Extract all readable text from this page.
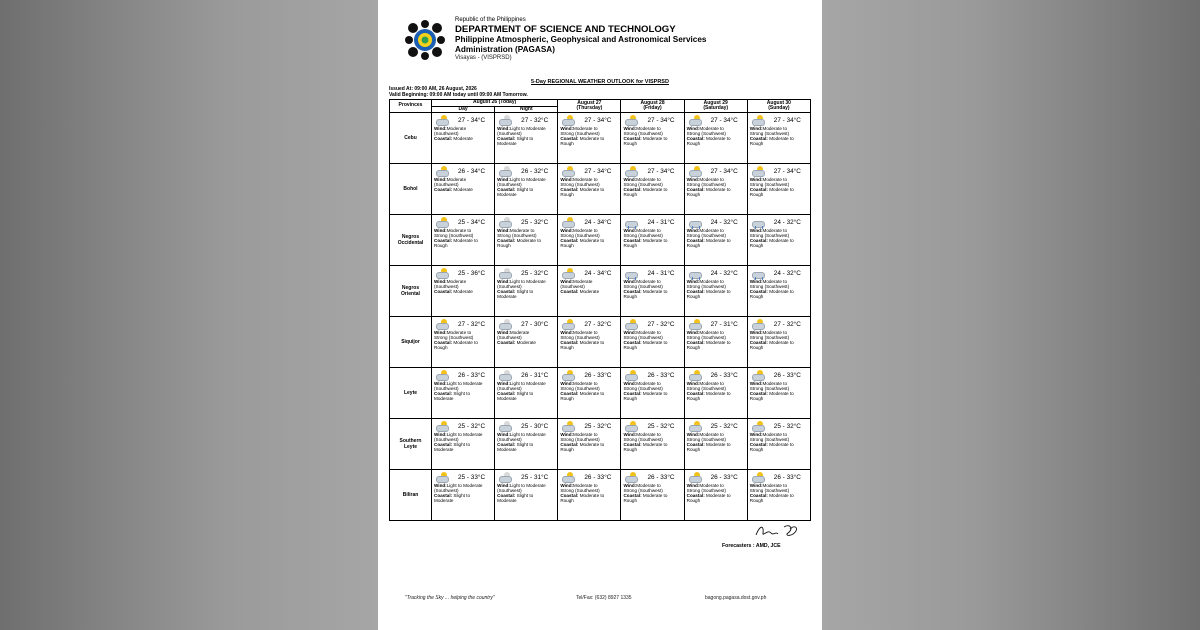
Republic of the Philippines
DEPARTMENT OF SCIENCE AND TECHNOLOGY
Philippine Atmospheric, Geophysical and Astronomical Services
Administration (PAGASA)
Visayas - (VISPRSD)
5-Day REGIONAL WEATHER OUTLOOK for VISPRSD
Issued At: 09:00 AM, 26 August, 2026
Valid Beginning: 09:00 AM today until 09:00 AM Tomorrow.
Provinces	August 26 (Today)		August 27
(Thursday)	August 28
(Friday)	August 29
(Saturday)	August 30
(Sunday)
	Day	Night				

Cebu	27 - 34°C
Wind:Moderate
(Southwest)
Coastal: Moderate	27 - 32°C
Wind:Light to Moderate
(Southwest)
Coastal: Slight to
Moderate	27 - 34°C
Wind:Moderate to
Strong (Southwest)
Coastal: Moderate to
Rough	27 - 34°C
Wind:Moderate to
Strong (Southwest)
Coastal: Moderate to
Rough	27 - 34°C
Wind:Moderate to
Strong (Southwest)
Coastal: Moderate to
Rough	27 - 34°C
Wind:Moderate to
Strong (Southwest)
Coastal: Moderate to
Rough

Bohol	26 - 34°C
Wind:Moderate
(Southwest)
Coastal: Moderate	26 - 32°C
Wind:Light to Moderate
(Southwest)
Coastal: Slight to
Moderate	27 - 34°C
Wind:Moderate to
Strong (Southwest)
Coastal: Moderate to
Rough	27 - 34°C
Wind:Moderate to
Strong (Southwest)
Coastal: Moderate to
Rough	27 - 34°C
Wind:Moderate to
Strong (Southwest)
Coastal: Moderate to
Rough	27 - 34°C
Wind:Moderate to
Strong (Southwest)
Coastal: Moderate to
Rough

Negros
Occidental	25 - 34°C
Wind:Moderate to
Strong (Southwest)
Coastal: Moderate to
Rough	25 - 32°C
Wind:Moderate to
Strong (Southwest)
Coastal: Moderate to
Rough	24 - 34°C
Wind:Moderate to
Strong (Southwest)
Coastal: Moderate to
Rough	24 - 31°C
Wind:Moderate to
Strong (Southwest)
Coastal: Moderate to
Rough	24 - 32°C
Wind:Moderate to
Strong (Southwest)
Coastal: Moderate to
Rough	24 - 32°C
Wind:Moderate to
Strong (Southwest)
Coastal: Moderate to
Rough

Negros
Oriental	25 - 36°C
Wind:Moderate
(Southwest)
Coastal: Moderate	25 - 32°C
Wind:Light to Moderate
(Southwest)
Coastal: Slight to
Moderate	24 - 34°C
Wind:Moderate
(Southwest)
Coastal: Moderate	24 - 31°C
Wind:Moderate to
Strong (Southwest)
Coastal: Moderate to
Rough	24 - 32°C
Wind:Moderate to
Strong (Southwest)
Coastal: Moderate to
Rough	24 - 32°C
Wind:Moderate to
Strong (Southwest)
Coastal: Moderate to
Rough

Siquijor	27 - 32°C
Wind:Moderate to
Strong (Southwest)
Coastal: Moderate to
Rough	27 - 30°C
Wind:Moderate
(Southwest)
Coastal: Moderate	27 - 32°C
Wind:Moderate to
Strong (Southwest)
Coastal: Moderate to
Rough	27 - 32°C
Wind:Moderate to
Strong (Southwest)
Coastal: Moderate to
Rough	27 - 31°C
Wind:Moderate to
Strong (Southwest)
Coastal: Moderate to
Rough	27 - 32°C
Wind:Moderate to
Strong (Southwest)
Coastal: Moderate to
Rough

Leyte	26 - 33°C
Wind:Light to Moderate
(Southwest)
Coastal: Slight to
Moderate	26 - 31°C
Wind:Light to Moderate
(Southwest)
Coastal: Slight to
Moderate	26 - 33°C
Wind:Moderate to
Strong (Southwest)
Coastal: Moderate to
Rough	26 - 33°C
Wind:Moderate to
Strong (Southwest)
Coastal: Moderate to
Rough	26 - 33°C
Wind:Moderate to
Strong (Southwest)
Coastal: Moderate to
Rough	26 - 33°C
Wind:Moderate to
Strong (Southwest)
Coastal: Moderate to
Rough

Southern
Leyte	25 - 32°C
Wind:Light to Moderate
(Southwest)
Coastal: Slight to
Moderate	25 - 30°C
Wind:Light to Moderate
(Southwest)
Coastal: Slight to
Moderate	25 - 32°C
Wind:Moderate to
Strong (Southwest)
Coastal: Moderate to
Rough	25 - 32°C
Wind:Moderate to
Strong (Southwest)
Coastal: Moderate to
Rough	25 - 32°C
Wind:Moderate to
Strong (Southwest)
Coastal: Moderate to
Rough	25 - 32°C
Wind:Moderate to
Strong (Southwest)
Coastal: Moderate to
Rough

Biliran	25 - 33°C
Wind:Light to Moderate
(Southwest)
Coastal: Slight to
Moderate	25 - 31°C
Wind:Light to Moderate
(Southwest)
Coastal: Slight to
Moderate	26 - 33°C
Wind:Moderate to
Strong (Southwest)
Coastal: Moderate to
Rough	26 - 33°C
Wind:Moderate to
Strong (Southwest)
Coastal: Moderate to
Rough	26 - 33°C
Wind:Moderate to
Strong (Southwest)
Coastal: Moderate to
Rough	26 - 33°C
Wind:Moderate to
Strong (Southwest)
Coastal: Moderate to
Rough
Forecasters : AMD, JCE
"Tracking the Sky ... helping the country"	Tel/Fax: (632) 8927 1335	bagong.pagasa.dost.gov.ph
